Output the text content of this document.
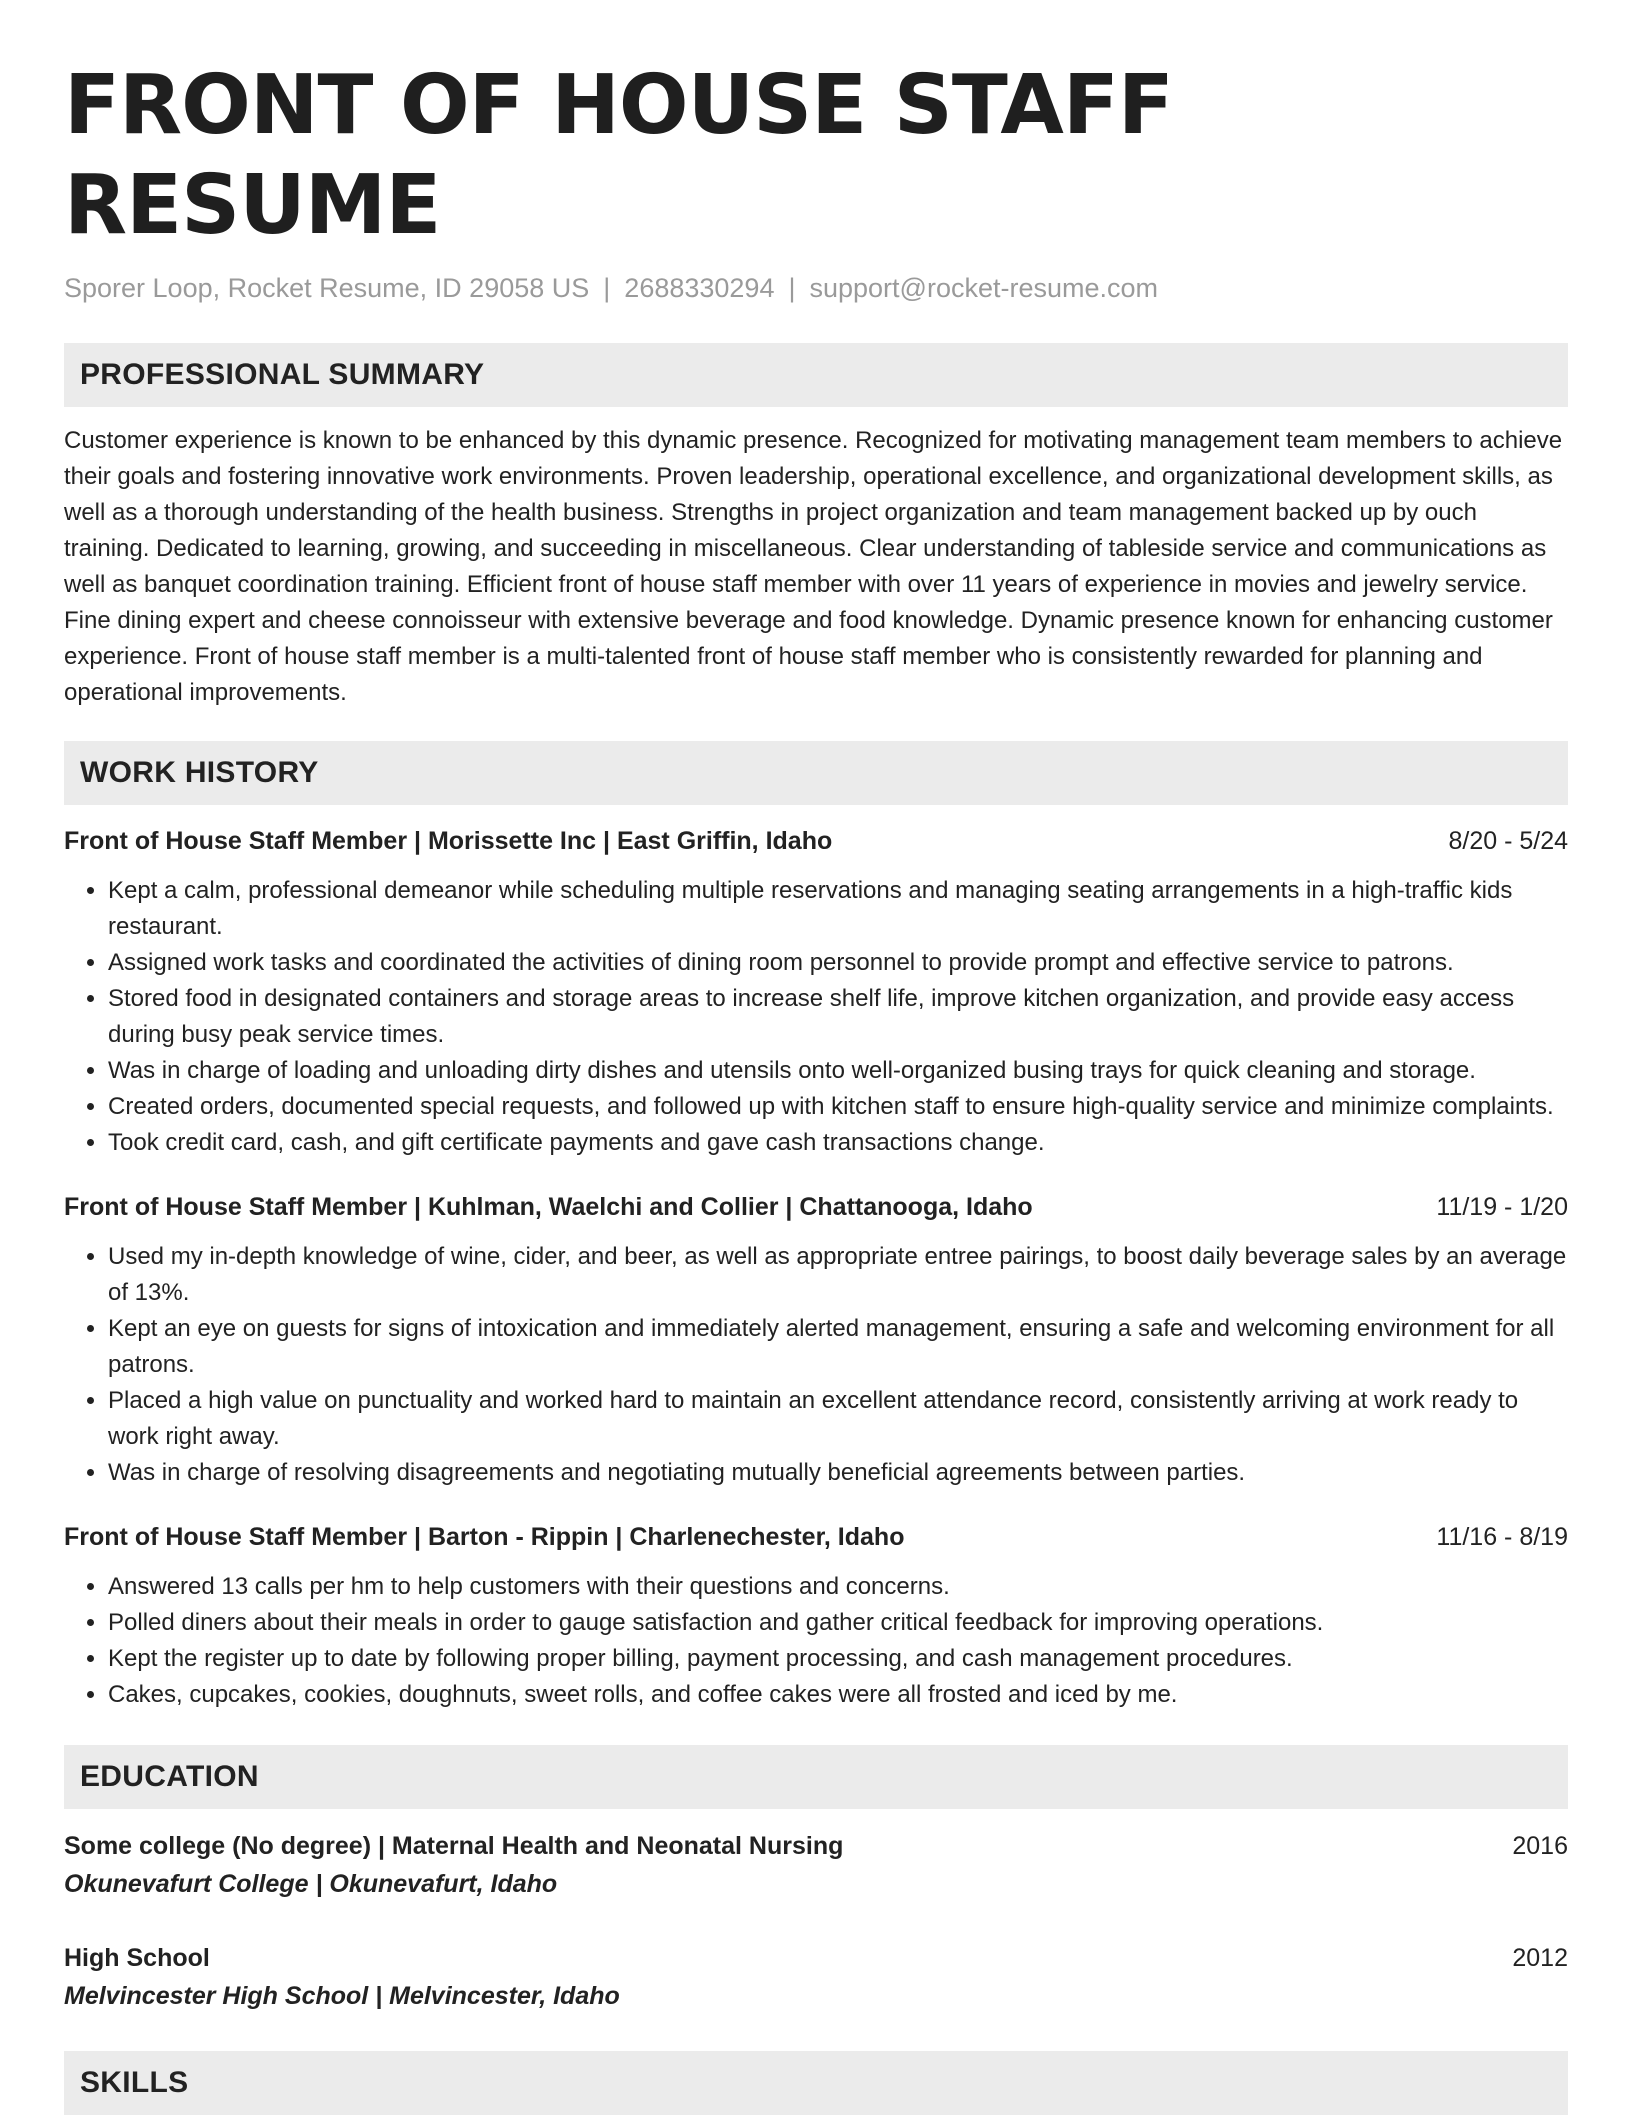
FRONT OF HOUSE STAFF RESUME
Sporer Loop, Rocket Resume, ID 29058 US | 2688330294 | support@rocket-resume.com
PROFESSIONAL SUMMARY
Customer experience is known to be enhanced by this dynamic presence. Recognized for motivating management team members to achieve their goals and fostering innovative work environments. Proven leadership, operational excellence, and organizational development skills, as well as a thorough understanding of the health business. Strengths in project organization and team management backed up by ouch training. Dedicated to learning, growing, and succeeding in miscellaneous. Clear understanding of tableside service and communications as well as banquet coordination training. Efficient front of house staff member with over 11 years of experience in movies and jewelry service. Fine dining expert and cheese connoisseur with extensive beverage and food knowledge. Dynamic presence known for enhancing customer experience. Front of house staff member is a multi-talented front of house staff member who is consistently rewarded for planning and operational improvements.
WORK HISTORY
Front of House Staff Member | Morissette Inc | East Griffin, Idaho	8/20 - 5/24
• Kept a calm, professional demeanor while scheduling multiple reservations and managing seating arrangements in a high-traffic kids restaurant.
• Assigned work tasks and coordinated the activities of dining room personnel to provide prompt and effective service to patrons.
• Stored food in designated containers and storage areas to increase shelf life, improve kitchen organization, and provide easy access during busy peak service times.
• Was in charge of loading and unloading dirty dishes and utensils onto well-organized busing trays for quick cleaning and storage.
• Created orders, documented special requests, and followed up with kitchen staff to ensure high-quality service and minimize complaints.
• Took credit card, cash, and gift certificate payments and gave cash transactions change.
Front of House Staff Member | Kuhlman, Waelchi and Collier | Chattanooga, Idaho	11/19 - 1/20
• Used my in-depth knowledge of wine, cider, and beer, as well as appropriate entree pairings, to boost daily beverage sales by an average of 13%.
• Kept an eye on guests for signs of intoxication and immediately alerted management, ensuring a safe and welcoming environment for all patrons.
• Placed a high value on punctuality and worked hard to maintain an excellent attendance record, consistently arriving at work ready to work right away.
• Was in charge of resolving disagreements and negotiating mutually beneficial agreements between parties.
Front of House Staff Member | Barton - Rippin | Charlenechester, Idaho	11/16 - 8/19
• Answered 13 calls per hm to help customers with their questions and concerns.
• Polled diners about their meals in order to gauge satisfaction and gather critical feedback for improving operations.
• Kept the register up to date by following proper billing, payment processing, and cash management procedures.
• Cakes, cupcakes, cookies, doughnuts, sweet rolls, and coffee cakes were all frosted and iced by me.
EDUCATION
Some college (No degree) | Maternal Health and Neonatal Nursing	2016
Okunevafurt College | Okunevafurt, Idaho
High School	2012
Melvincester High School | Melvincester, Idaho
SKILLS
